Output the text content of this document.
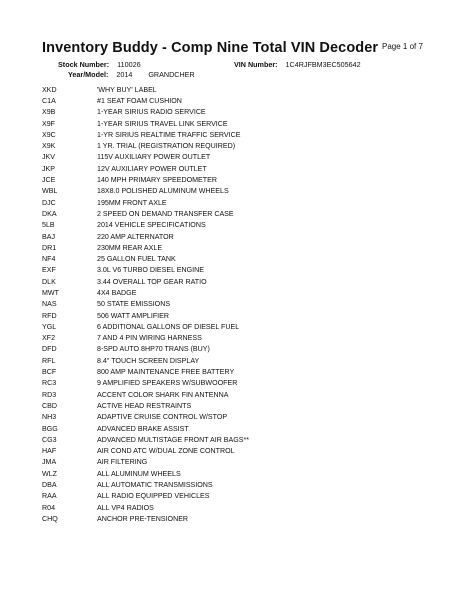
Inventory Buddy - Comp Nine Total VIN Decoder Page 1 of 7
Stock Number: 110026	VIN Number: 1C4RJFBM3EC505642
Year/Model: 2014 GRANDCHER
XKD	'WHY BUY' LABEL
C1A	#1 SEAT FOAM CUSHION
X9B	1-YEAR SIRIUS RADIO SERVICE
X9F	1-YEAR SIRIUS TRAVEL LINK SERVICE
X9C	1-YR SIRIUS REALTIME TRAFFIC SERVICE
X9K	1 YR. TRIAL (REGISTRATION REQUIRED)
JKV	115V AUXILIARY POWER OUTLET
JKP	12V AUXILIARY POWER OUTLET
JCE	140 MPH PRIMARY SPEEDOMETER
WBL	18X8.0 POLISHED ALUMINUM WHEELS
DJC	195MM FRONT AXLE
DKA	2 SPEED ON DEMAND TRANSFER CASE
5LB	2014 VEHICLE SPECIFICATIONS
BAJ	220 AMP ALTERNATOR
DR1	230MM REAR AXLE
NF4	25 GALLON FUEL TANK
EXF	3.0L V6 TURBO DIESEL ENGINE
DLK	3.44 OVERALL TOP GEAR RATIO
MWT	4X4 BADGE
NAS	50 STATE EMISSIONS
RFD	506 WATT AMPLIFIER
YGL	6 ADDITIONAL GALLONS OF DIESEL FUEL
XF2	7 AND 4 PIN WIRING HARNESS
DFD	8-SPD AUTO 8HP70 TRANS (BUY)
RFL	8.4" TOUCH SCREEN DISPLAY
BCF	800 AMP MAINTENANCE FREE BATTERY
RC3	9 AMPLIFIED SPEAKERS W/SUBWOOFER
RD3	ACCENT COLOR SHARK FIN ANTENNA
CBD	ACTIVE HEAD RESTRAINTS
NH3	ADAPTIVE CRUISE CONTROL W/STOP
BGG	ADVANCED BRAKE ASSIST
CG3	ADVANCED MULTISTAGE FRONT AIR BAGS**
HAF	AIR COND ATC W/DUAL ZONE CONTROL
JMA	AIR FILTERING
WLZ	ALL ALUMINUM WHEELS
DBA	ALL AUTOMATIC TRANSMISSIONS
RAA	ALL RADIO EQUIPPED VEHICLES
R04	ALL VP4 RADIOS
CHQ	ANCHOR PRE-TENSIONER
